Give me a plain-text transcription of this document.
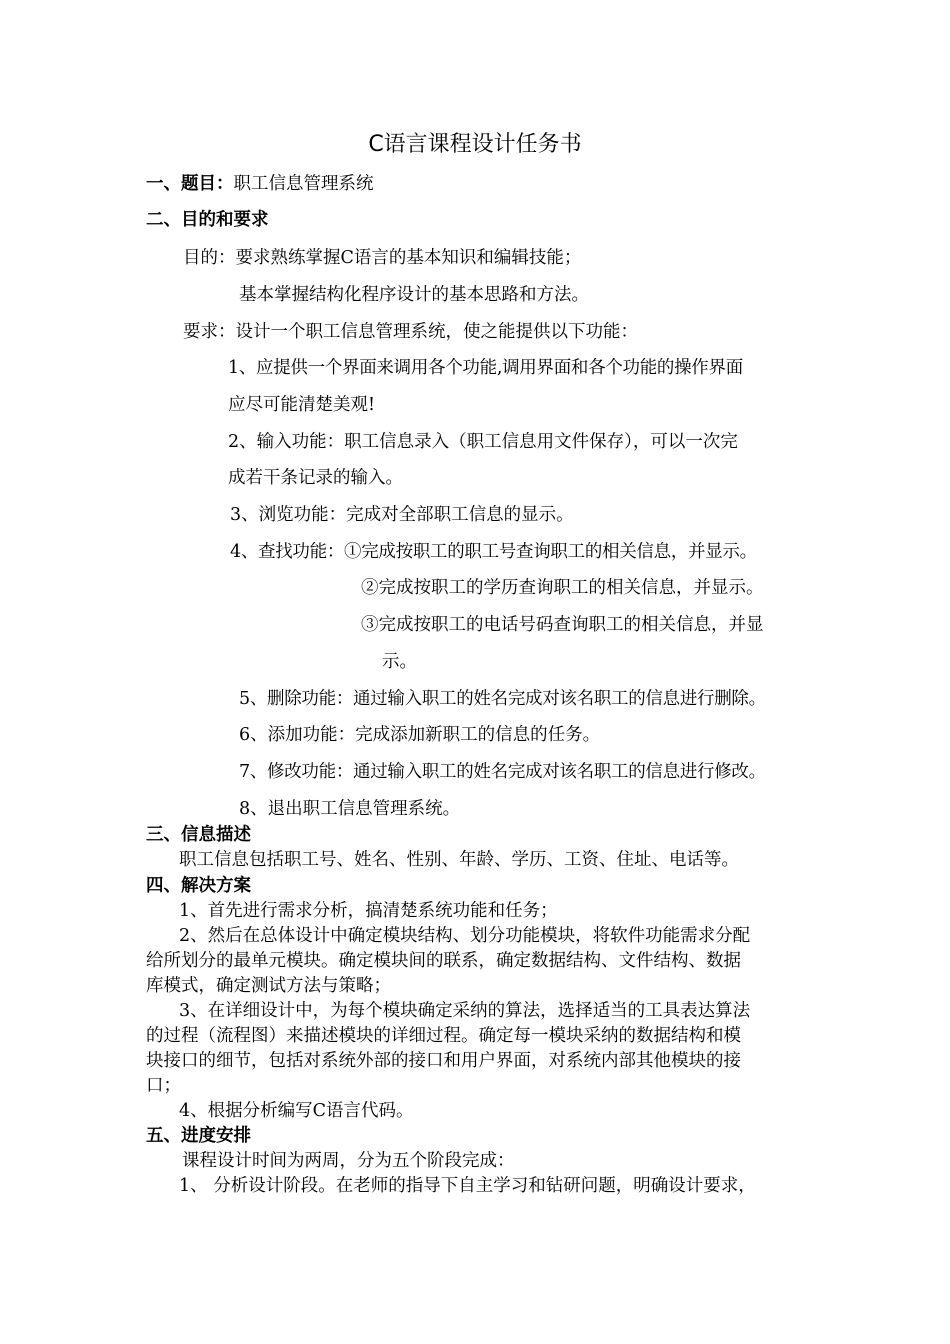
C语言课程设计任务书
一、题目：职工信息管理系统
二、目的和要求
目的：要求熟练掌握C语言的基本知识和编辑技能；
基本掌握结构化程序设计的基本思路和方法。
要求：设计一个职工信息管理系统，使之能提供以下功能：
1、应提供一个界面来调用各个功能,调用界面和各个功能的操作界面
应尽可能清楚美观!
2、输入功能：职工信息录入（职工信息用文件保存），可以一次完
成若干条记录的输入。
3、浏览功能：完成对全部职工信息的显示。
4、查找功能：①完成按职工的职工号查询职工的相关信息，并显示。
②完成按职工的学历查询职工的相关信息，并显示。
③完成按职工的电话号码查询职工的相关信息，并显
示。
5、删除功能：通过输入职工的姓名完成对该名职工的信息进行删除。
6、添加功能：完成添加新职工的信息的任务。
7、修改功能：通过输入职工的姓名完成对该名职工的信息进行修改。
8、退出职工信息管理系统。
三、信息描述
职工信息包括职工号、姓名、性别、年龄、学历、工资、住址、电话等。
四、解决方案
1、首先进行需求分析，搞清楚系统功能和任务；
2、然后在总体设计中确定模块结构、划分功能模块，将软件功能需求分配
给所划分的最单元模块。确定模块间的联系，确定数据结构、文件结构、数据
库模式，确定测试方法与策略；
3、在详细设计中，为每个模块确定采纳的算法，选择适当的工具表达算法
的过程（流程图）来描述模块的详细过程。确定每一模块采纳的数据结构和模
块接口的细节，包括对系统外部的接口和用户界面，对系统内部其他模块的接
口；
4、根据分析编写C语言代码。
五、进度安排
课程设计时间为两周，分为五个阶段完成：
1、 分析设计阶段。在老师的指导下自主学习和钻研问题，明确设计要求，
